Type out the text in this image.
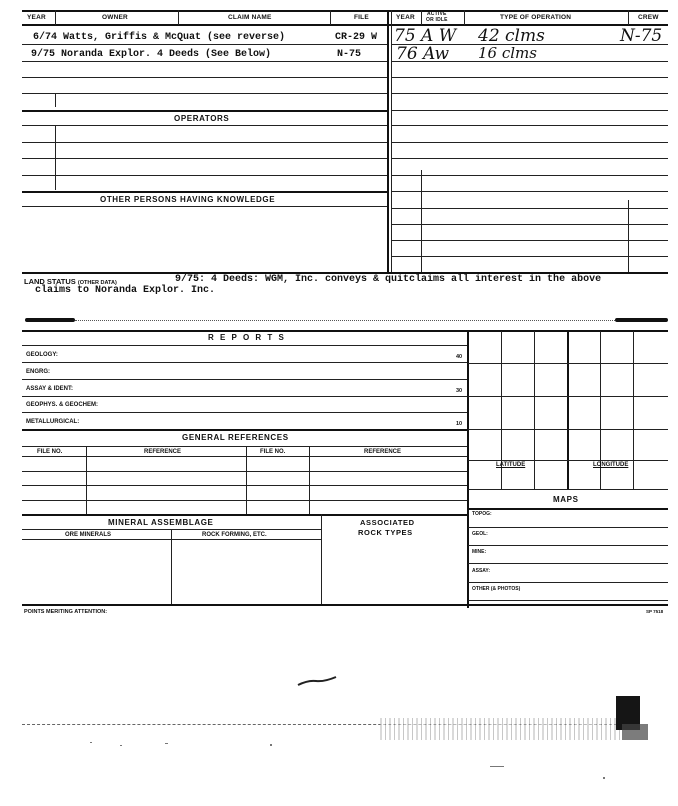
YEAR	OWNER	CLAIM NAME	FILE	YEAR ACTIVE
OR IDLE	TYPE OF OPERATION	CREW
6/74 Watts, Griffis & McQuat (see reverse)	CR-29 W
9/75 Noranda Explor. 4 Deeds (See Below)	N-75
75 A W 42 clms	N-75
76 Aw 16 clms
OPERATORS
OTHER PERSONS HAVING KNOWLEDGE
LAND STATUS (OTHER DATA)	9/75: 4 Deeds: WGM, Inc. conveys & quitclaims all interest in the above
claims to Noranda Explor. Inc.
R E P O R T S
GEOLOGY:	40
ENGRG:
ASSAY & IDENT:	30
GEOPHYS. & GEOCHEM:
METALLURGICAL:	10
LATITUDE	LONGITUDE
GENERAL REFERENCES
FILE NO.	REFERENCE	FILE NO.	REFERENCE
MAPS
TOPOG:
GEOL:
MINE:
ASSAY:
OTHER (& PHOTOS)
MINERAL ASSEMBLAGE	ASSOCIATED
ROCK TYPES
ORE MINERALS	ROCK FORMING, ETC.
POINTS MERITING ATTENTION:	SP 7518
